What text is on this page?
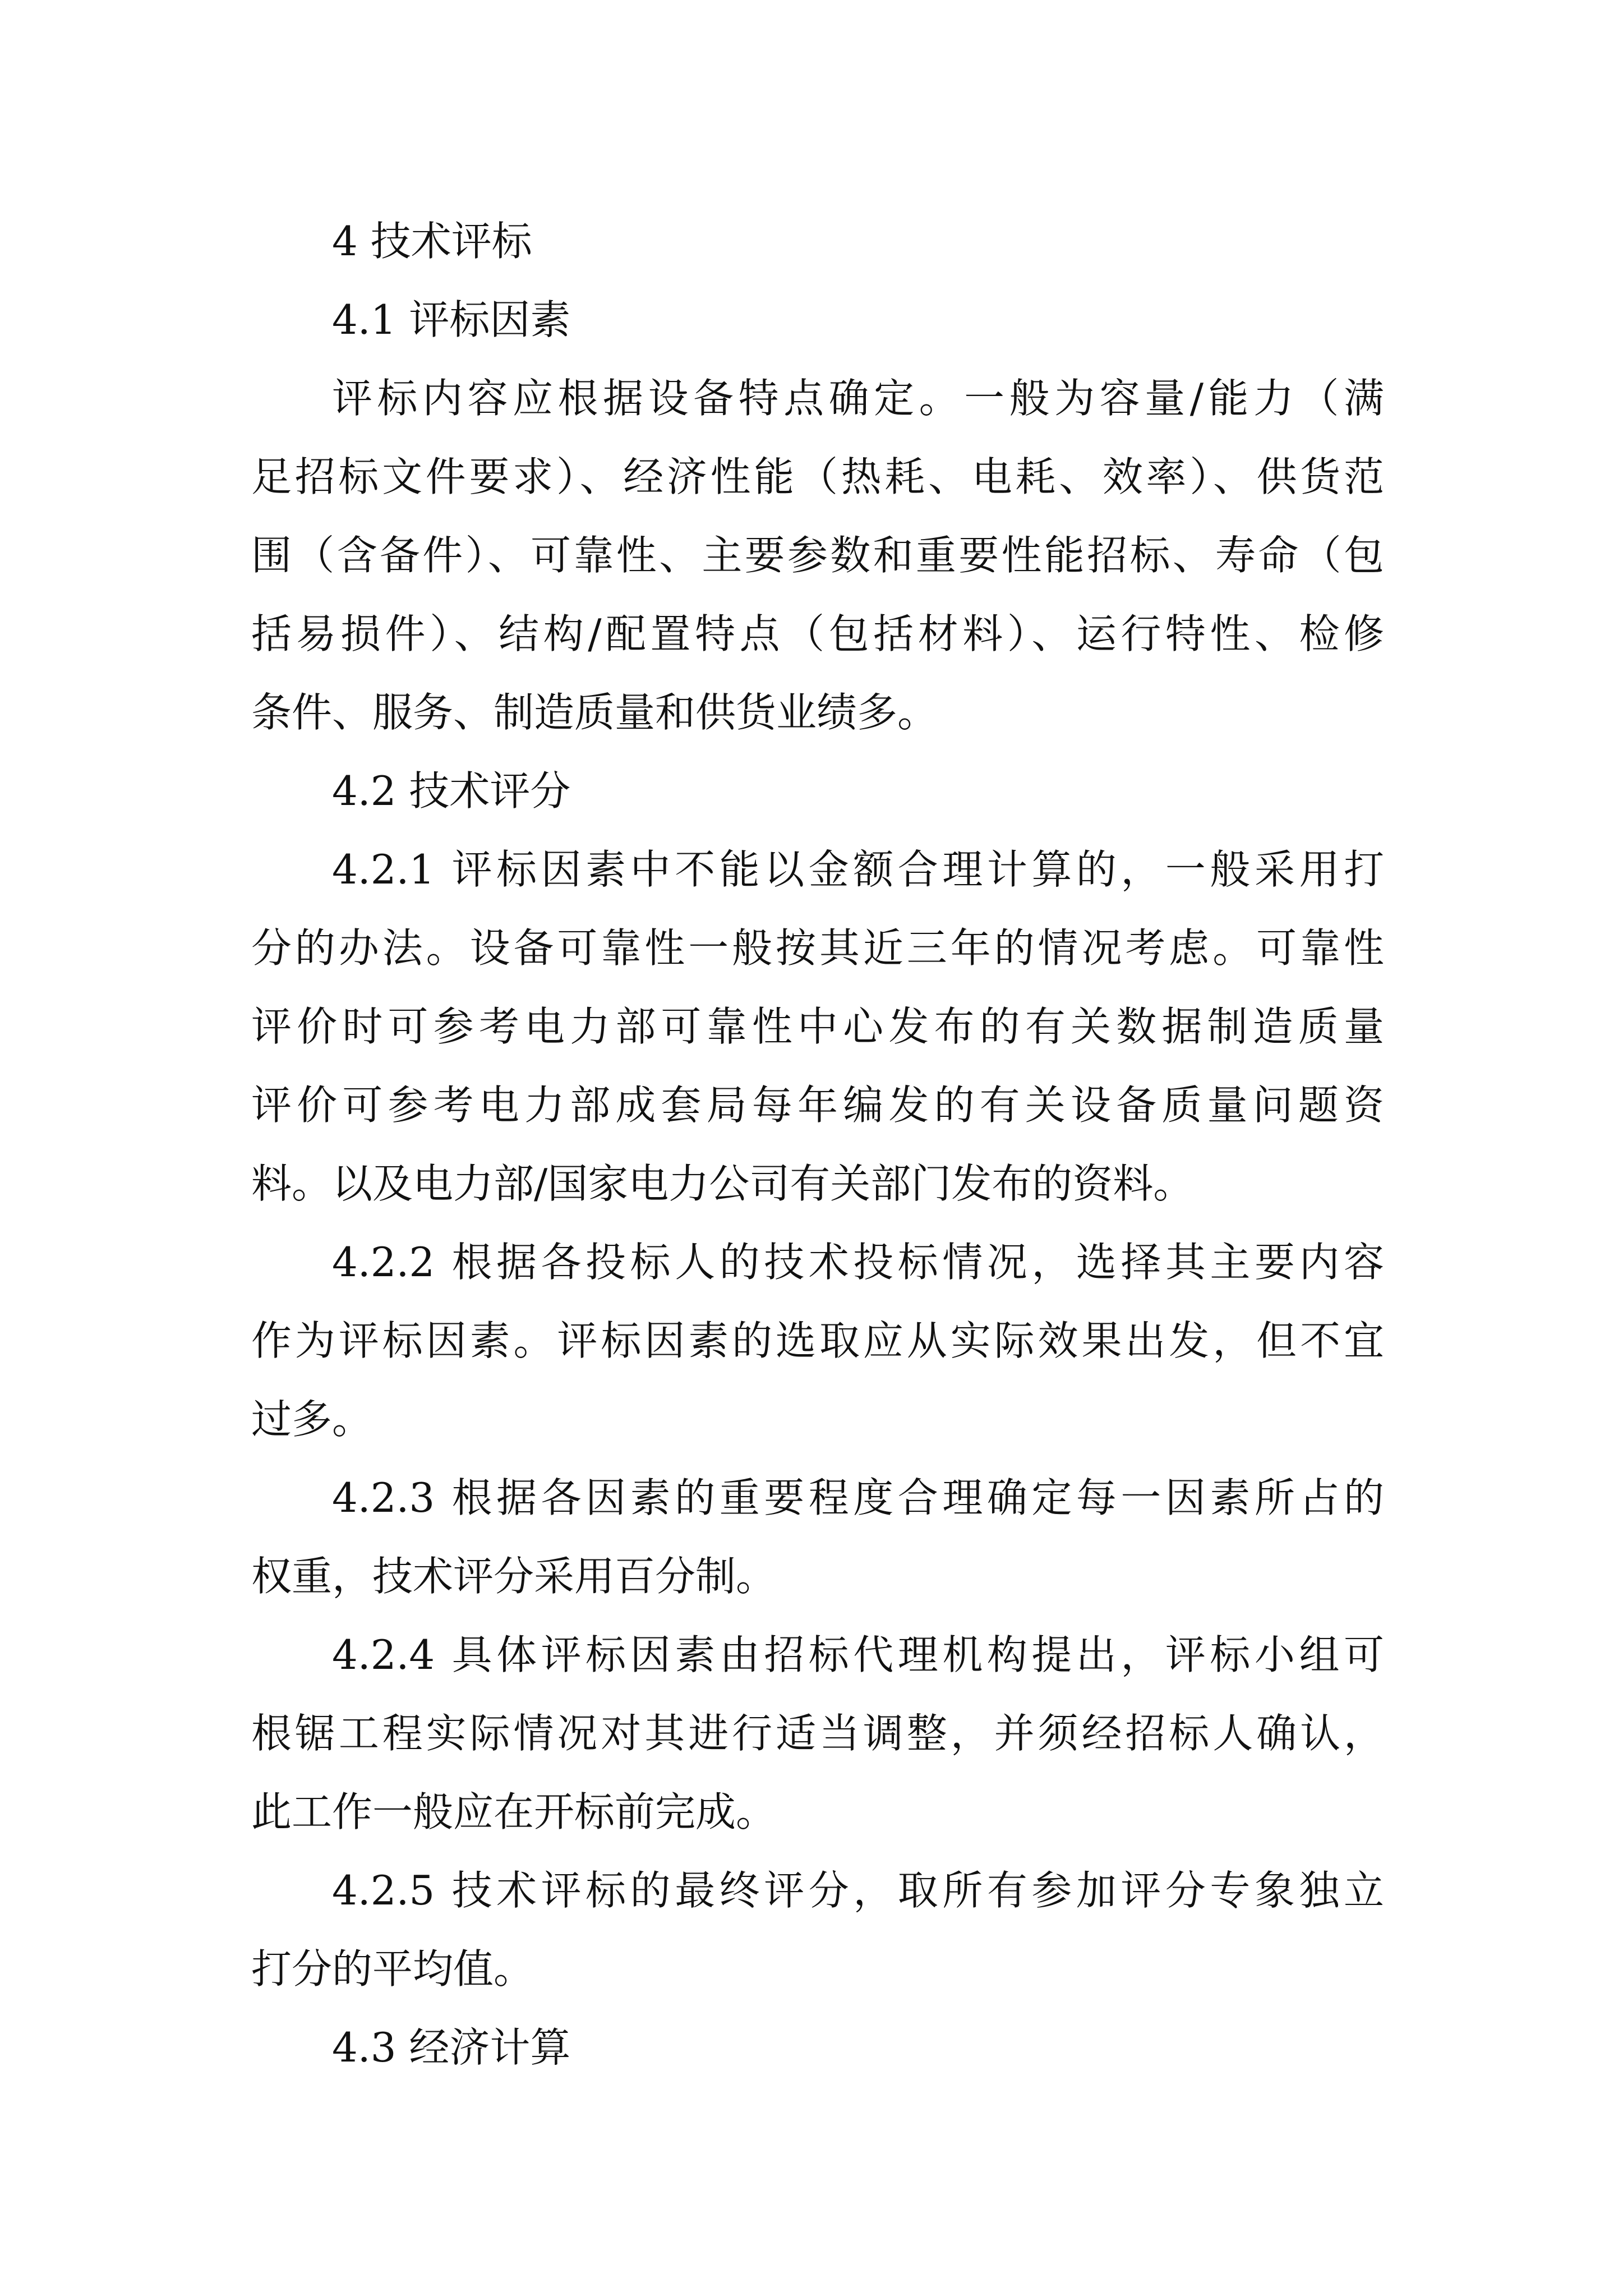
4 技术评标
4.1 评标因素
评标内容应根据设备特点确定。一般为容量/能力（满
足招标文件要求）、经济性能（热耗、电耗、效率）、供货范
围（含备件）、可靠性、主要参数和重要性能招标、寿命（包
括易损件）、结构/配置特点（包括材料）、运行特性、检修
条件、服务、制造质量和供货业绩多。
4.2 技术评分
4.2.1 评标因素中不能以金额合理计算的，一般采用打
分的办法。设备可靠性一般按其近三年的情况考虑。可靠性
评价时可参考电力部可靠性中心发布的有关数据制造质量
评价可参考电力部成套局每年编发的有关设备质量问题资
料。以及电力部/国家电力公司有关部门发布的资料。
4.2.2 根据各投标人的技术投标情况，选择其主要内容
作为评标因素。评标因素的选取应从实际效果出发，但不宜
过多。
4.2.3 根据各因素的重要程度合理确定每一因素所占的
权重，技术评分采用百分制。
4.2.4 具体评标因素由招标代理机构提出，评标小组可
根锯工程实际情况对其进行适当调整，并须经招标人确认，
此工作一般应在开标前完成。
4.2.5 技术评标的最终评分，取所有参加评分专象独立
打分的平均值。
4.3 经济计算
